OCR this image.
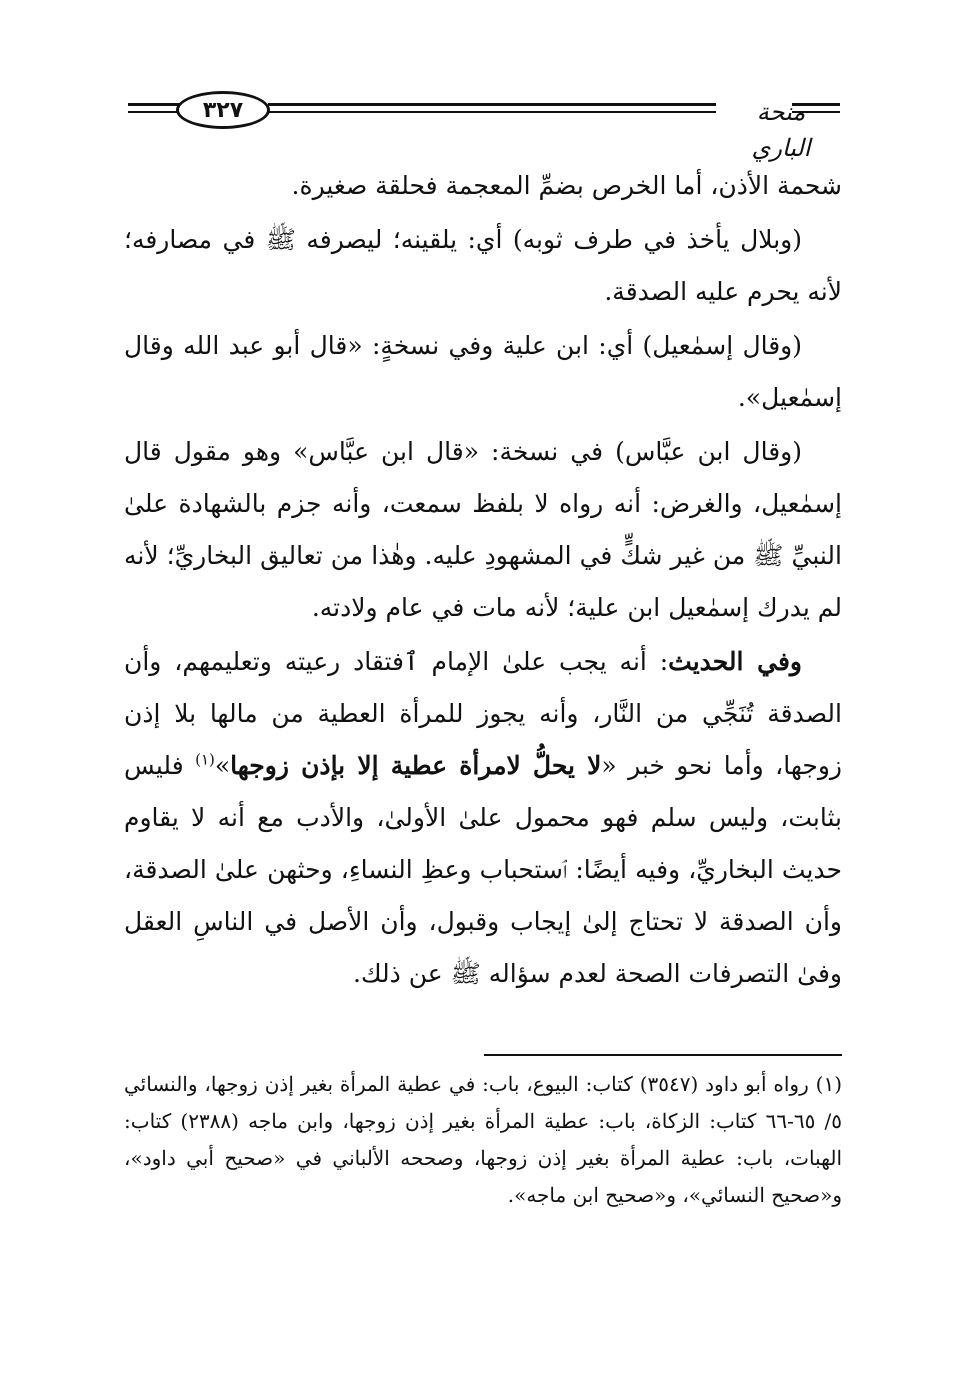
٣٢٧	منحة الباري

شحمة الأذن، أما الخرص بضمِّ المعجمة فحلقة صغيرة.

(وبلال يأخذ في طرف ثوبه) أي: يلقينه؛ ليصرفه ﷺ في مصارفه؛ لأنه يحرم عليه الصدقة.

(وقال إسمٰعيل) أي: ابن علية وفي نسخةٍ: «قال أبو عبد الله وقال إسمٰعيل».

(وقال ابن عبَّاس) في نسخة: «قال ابن عبَّاس» وهو مقول قال إسمٰعيل، والغرض: أنه رواه لا بلفظ سمعت، وأنه جزم بالشهادة علىٰ النبيِّ ﷺ من غير شكٍّ في المشهودِ عليه. وهٰذا من تعاليق البخاريِّ؛ لأنه لم يدرك إسمٰعيل ابن علية؛ لأنه مات في عام ولادته.

وفي الحديث: أنه يجب علىٰ الإمام ٱفتقاد رعيته وتعليمهم، وأن الصدقة تُنَجِّي من النَّار، وأنه يجوز للمرأة العطية من مالها بلا إذن زوجها، وأما نحو خبر «لا يحلُّ لامرأة عطية إلا بإذن زوجها»$^{(١)}$ فليس بثابت، وليس سلم فهو محمول علىٰ الأولىٰ، والأدب مع أنه لا يقاوم حديث البخاريِّ، وفيه أيضًا: ٱستحباب وعظِ النساءِ، وحثهن علىٰ الصدقة، وأن الصدقة لا تحتاج إلىٰ إيجاب وقبول، وأن الأصل في الناسِ العقل وفىٰ التصرفات الصحة لعدم سؤاله ﷺ عن ذلك.

(١) رواه أبو داود (٣٥٤٧) كتاب: البيوع، باب: في عطية المرأة بغير إذن زوجها، والنسائي ٥/ ٦٥-٦٦ كتاب: الزكاة، باب: عطية المرأة بغير إذن زوجها، وابن ماجه (٢٣٨٨) كتاب: الهبات، باب: عطية المرأة بغير إذن زوجها، وصححه الألباني في «صحيح أبي داود»، و«صحيح النسائي»، و«صحيح ابن ماجه».
